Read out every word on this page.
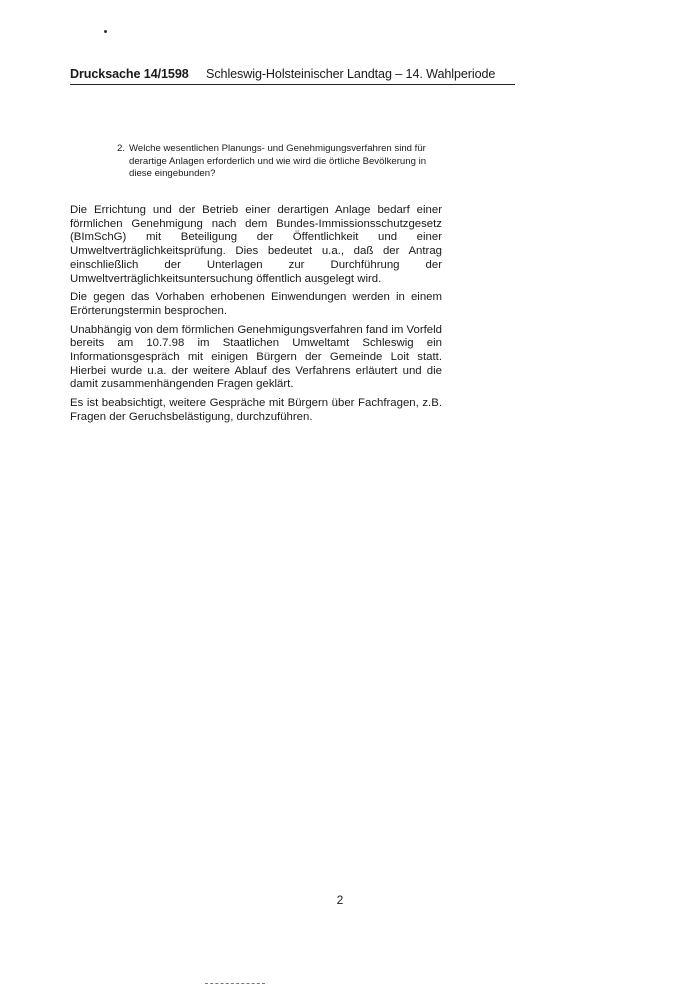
Drucksache 14/1598 Schleswig-Holsteinischer Landtag – 14. Wahlperiode
2. Welche wesentlichen Planungs- und Genehmigungsverfahren sind für derartige Anlagen erforderlich und wie wird die örtliche Bevölkerung in diese eingebunden?

Die Errichtung und der Betrieb einer derartigen Anlage bedarf einer förmlichen Genehmigung nach dem Bundes-Immissionsschutzgesetz (BImSchG) mit Beteiligung der Öffentlichkeit und einer Umweltverträglichkeitsprüfung. Dies bedeutet u.a., daß der Antrag einschließlich der Unterlagen zur Durchführung der Umweltverträglichkeitsuntersuchung öffentlich ausgelegt wird.

Die gegen das Vorhaben erhobenen Einwendungen werden in einem Erörterungstermin besprochen.

Unabhängig von dem förmlichen Genehmigungsverfahren fand im Vorfeld bereits am 10.7.98 im Staatlichen Umweltamt Schleswig ein Informationsgespräch mit einigen Bürgern der Gemeinde Loit statt. Hierbei wurde u.a. der weitere Ablauf des Verfahrens erläutert und die damit zusammenhängenden Fragen geklärt.

Es ist beabsichtigt, weitere Gespräche mit Bürgern über Fachfragen, z.B. Fragen der Geruchsbelästigung, durchzuführen.

2
